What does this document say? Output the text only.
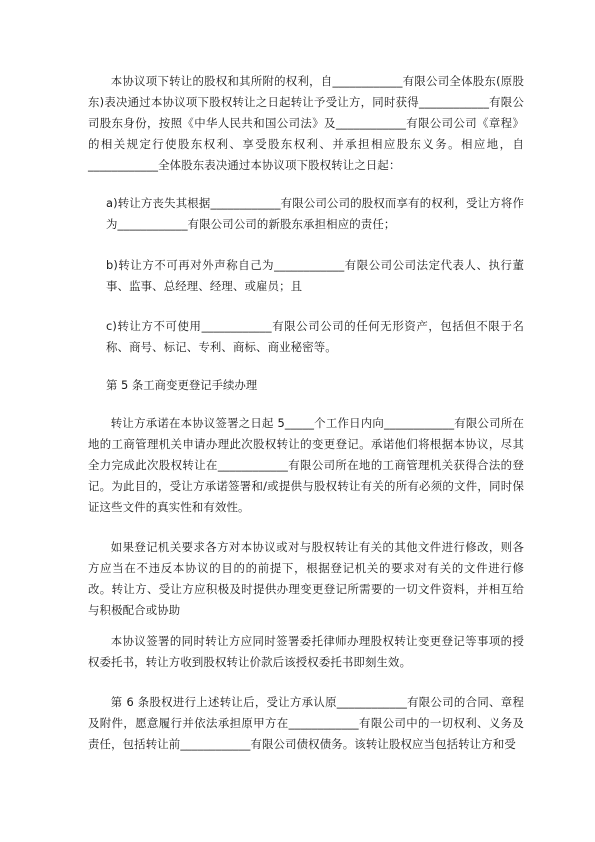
本协议项下转让的股权和其所附的权利，自____________有限公司全体股东(原股东)表决通过本协议项下股权转让之日起转让予受让方，同时获得____________有限公司股东身份，按照《中华人民共和国公司法》及____________有限公司公司《章程》的相关规定行使股东权利、享受股东权利、并承担相应股东义务。相应地，自____________全体股东表决通过本协议项下股权转让之日起：

a)转让方丧失其根据____________有限公司公司的股权而享有的权利，受让方将作为____________有限公司公司的新股东承担相应的责任；

b)转让方不可再对外声称自己为____________有限公司公司法定代表人、执行董事、监事、总经理、经理、或雇员；且

c)转让方不可使用____________有限公司公司的任何无形资产，包括但不限于名称、商号、标记、专利、商标、商业秘密等。

第 5 条工商变更登记手续办理

转让方承诺在本协议签署之日起 5_____个工作日内向____________有限公司所在地的工商管理机关申请办理此次股权转让的变更登记。承诺他们将根据本协议，尽其全力完成此次股权转让在____________有限公司所在地的工商管理机关获得合法的登记。为此目的，受让方承诺签署和/或提供与股权转让有关的所有必须的文件，同时保证这些文件的真实性和有效性。

如果登记机关要求各方对本协议或对与股权转让有关的其他文件进行修改，则各方应当在不违反本协议的目的的前提下，根据登记机关的要求对有关的文件进行修改。转让方、受让方应积极及时提供办理变更登记所需要的一切文件资料，并相互给与积极配合或协助

本协议签署的同时转让方应同时签署委托律师办理股权转让变更登记等事项的授权委托书，转让方收到股权转让价款后该授权委托书即刻生效。

第 6 条股权进行上述转让后，受让方承认原____________有限公司的合同、章程及附件，愿意履行并依法承担原甲方在____________有限公司中的一切权利、义务及责任，包括转让前____________有限公司债权债务。该转让股权应当包括转让方和受
